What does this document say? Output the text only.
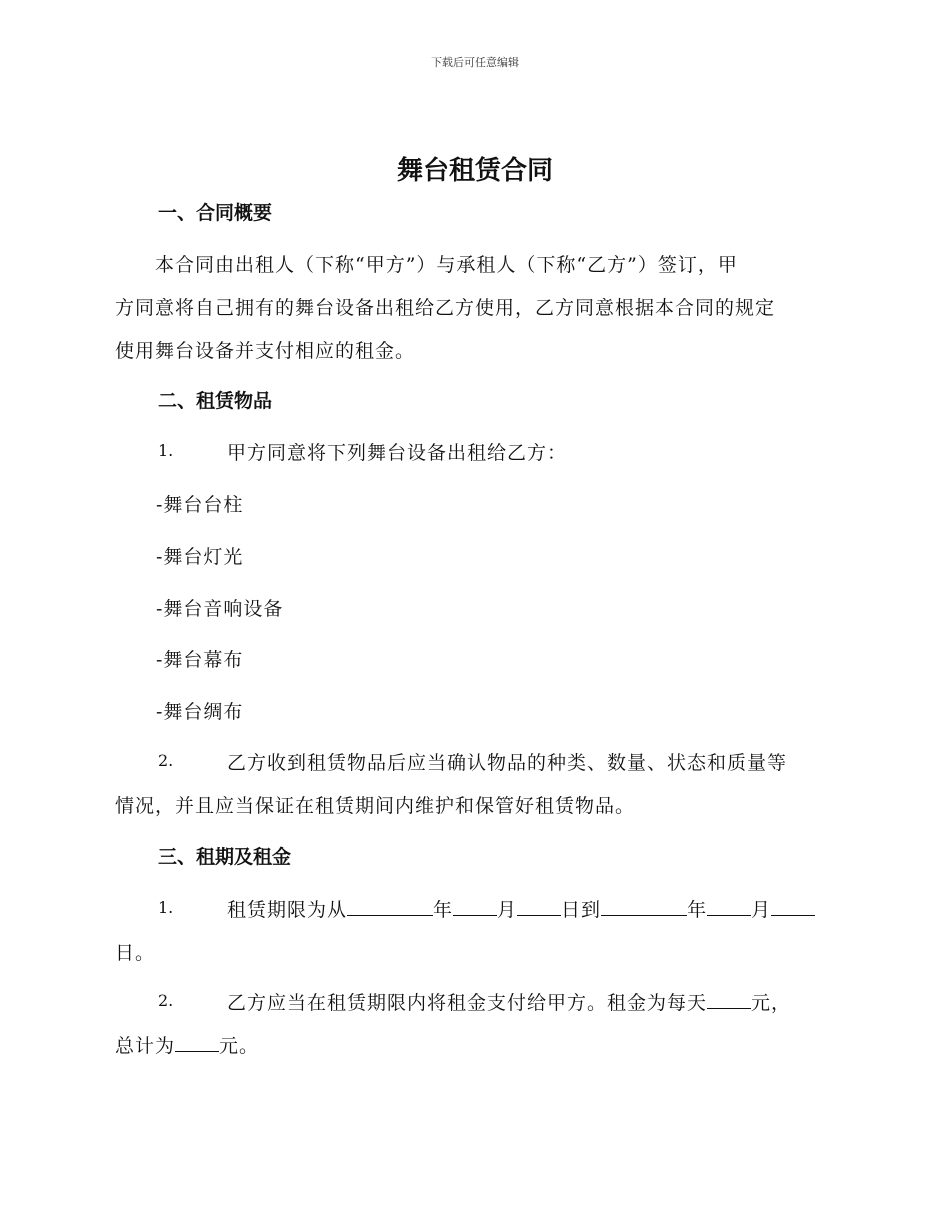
下载后可任意编辑
舞台租赁合同
一、合同概要
　　本合同由出租人（下称“甲方”）与承租人（下称“乙方”）签订，甲
方同意将自己拥有的舞台设备出租给乙方使用，乙方同意根据本合同的规定
使用舞台设备并支付相应的租金。
二、租赁物品
1.	甲方同意将下列舞台设备出租给乙方：
-舞台台柱
-舞台灯光
-舞台音响设备
-舞台幕布
-舞台绸布
2.	乙方收到租赁物品后应当确认物品的种类、数量、状态和质量等
情况，并且应当保证在租赁期间内维护和保管好租赁物品。
三、租期及租金
1.	租赁期限为从	年 月 日到	年 月
日。
2.	乙方应当在租赁期限内将租金支付给甲方。租金为每天 元，
总计为 元。
